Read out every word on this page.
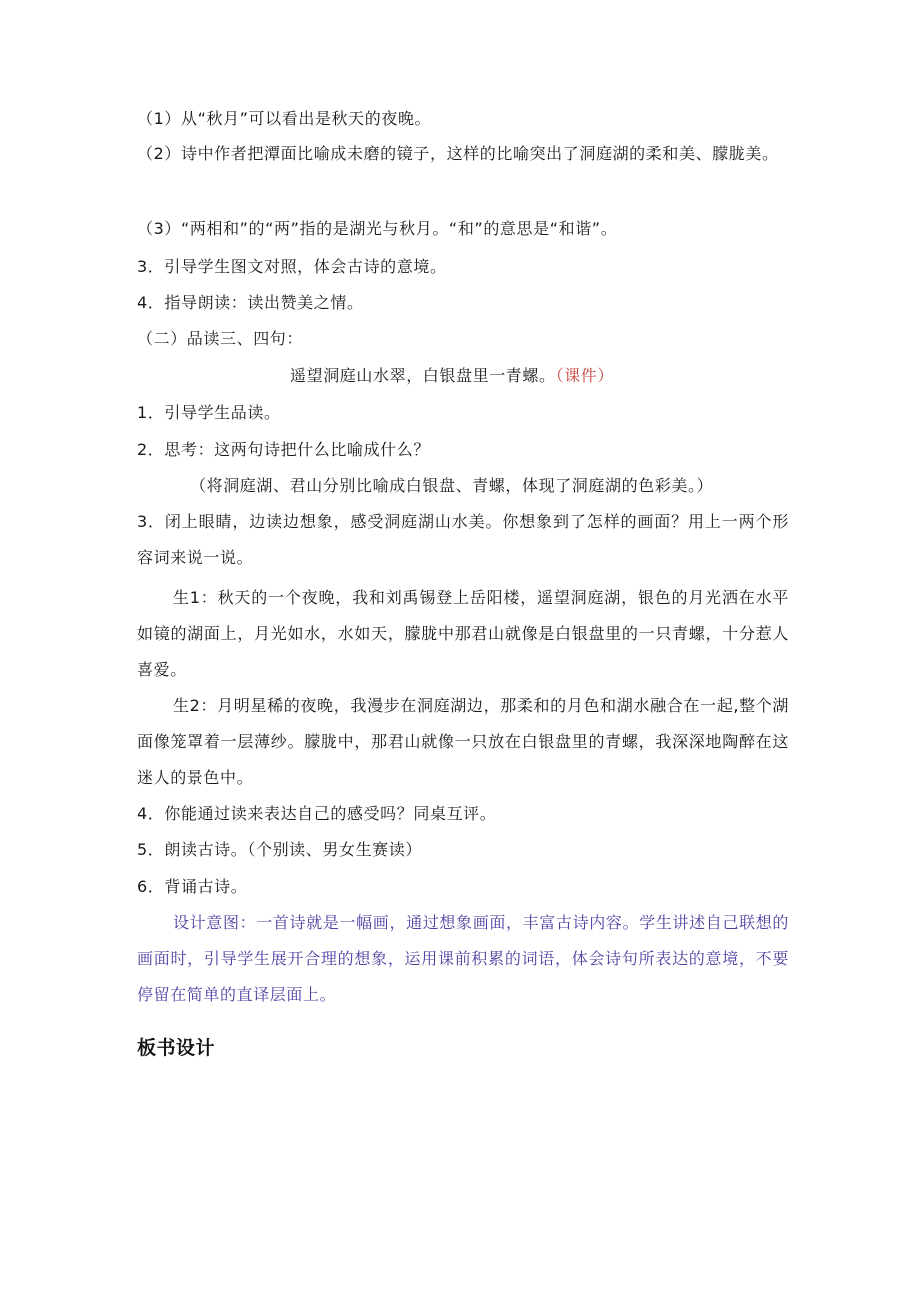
（1）从“秋月”可以看出是秋天的夜晚。
（2）诗中作者把潭面比喻成未磨的镜子，这样的比喻突出了洞庭湖的柔和美、朦胧美。
（3）“两相和”的“两”指的是湖光与秋月。“和”的意思是“和谐”。
3．引导学生图文对照，体会古诗的意境。
4．指导朗读：读出赞美之情。
（二）品读三、四句：
遥望洞庭山水翠，白银盘里一青螺。（课件）
1．引导学生品读。
2．思考：这两句诗把什么比喻成什么？
（将洞庭湖、君山分别比喻成白银盘、青螺，体现了洞庭湖的色彩美。）
3．闭上眼睛，边读边想象，感受洞庭湖山水美。你想象到了怎样的画面？用上一两个形容词来说一说。
生1：秋天的一个夜晚，我和刘禹锡登上岳阳楼，遥望洞庭湖，银色的月光洒在水平如镜的湖面上，月光如水，水如天，朦胧中那君山就像是白银盘里的一只青螺，十分惹人喜爱。
生2：月明星稀的夜晚，我漫步在洞庭湖边，那柔和的月色和湖水融合在一起,整个湖面像笼罩着一层薄纱。朦胧中，那君山就像一只放在白银盘里的青螺，我深深地陶醉在这迷人的景色中。
4．你能通过读来表达自己的感受吗？同桌互评。
5．朗读古诗。（个别读、男女生赛读）
6．背诵古诗。
设计意图：一首诗就是一幅画，通过想象画面，丰富古诗内容。学生讲述自己联想的画面时，引导学生展开合理的想象，运用课前积累的词语，体会诗句所表达的意境，不要停留在简单的直译层面上。
板书设计
